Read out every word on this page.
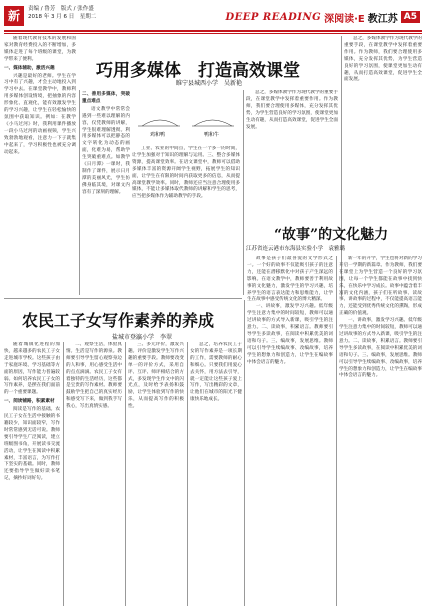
新	责编 / 鲁芳　版式 / 张作盛
2018 年 3 月 6 日　星期二	DEEP READING 深阅读·E 教江苏 A5
巧用多媒体　打造高效课堂
睢宁县城西小学　吴新艳

随着现代教育技术的发展和国家对教育经费投入的不断增加，多媒体走进了每个班级的课堂，为教学带来了便利。

一、媒体辅助，激活兴趣

兴趣是最好的老师。学生在学习中有了兴趣，才会主动地投入到学习中去。在课堂教学中，教师利用多媒体创设情境，把抽象的内容形象化、直观化，能有效激发学生的学习兴趣，让学生在轻松愉快的氛围中获取知识。例如：在教学《小马过河》时，我利用课件播放一段小马过河的动画视频，学生兴致勃勃地观看，注意力一下子就集中起来了，学习积极性也被充分调动起来。

二、善用多媒体，突破重点难点

语文教学中常常会遇到一些难以理解的内容，仅凭教师的讲解，学生很难理解透彻。利用多媒体可以把静态的文字转化为动态的画面，化难为易，帮助学生突破重难点。如教学《日月潭》一课时，我制作了课件，展示日月潭的美丽风光，学生仿佛身临其境，对课文内容有了深刻的理解。

鸡和鸭	鸭和牛

工业、农业的中间点，学生在一个多一的时间，让学生加强对于知识的理解与运用。三、整合多媒体资源，提高课堂效率。在语文课堂中，教师可以借助多媒体丰富的资源开阔学生视野，拓展学生的知识面，让学生在有限的时间内获取更多的信息，从而提高课堂教学效率。同时，教师还应当注意合理使用多媒体，不能让多媒体取代教师的讲解和学生的思考，应当把多媒体作为辅助教学的手段。

总之，多媒体教学作为现代教学的重要手段，在课堂教学中发挥着重要作用。作为教师，我们要合理使用多媒体，充分发挥其优势，为学生营造良好的学习氛围，使课堂更加生动有趣，从而打造高效课堂，促进学生全面发展。

总之，多媒体教学作为现代教学的重要手段，在课堂教学中发挥着重要作用。作为教师，我们要合理使用多媒体，充分发挥其优势，为学生营造良好的学习氛围，使课堂更加生动有趣，从而打造高效课堂，促进学生全面发展。

“故事”的文化魅力
江苏省连云港市东海县实验小学　袁雅璐
农民工子女写作素养的养成
盐城市登瀛小学　李翠

随着城镇化进程的加快，越来越多的农民工子女走进城市学校。这些孩子由于家庭环境、学习基础等方面的原因，写作能力普遍较弱。如何培养农民工子女的写作素养，是摆在我们面前的一个重要课题。

一、阅读铺路，积累素材

阅读是写作的基础。农民工子女在生活中接触的书籍较少，知识面较窄，写作时常常感到无话可说。教师要引导学生广泛阅读，建立班级图书角，开展读书交流活动，让学生在阅读中积累素材，丰富语言，为写作打下坚实的基础。同时，教师还要指导学生做好读书笔记，摘抄好词好句。

二、观察生活，体验真情。生活是写作的源泉。教师要引导学生留心观察身边的人和事，用心感受生活中的点点滴滴。农民工子女有着独特的生活经历，这些都是宝贵的写作素材。教师要鼓励学生把自己的真实经历和感受写下来，做到我手写我心，写出真情实感。

三、多元评价，激发兴趣。评价是激发学生写作兴趣的重要手段。教师要改变单一的评价方式，采用自评、互评、师评相结合的方式，多发现学生作文中的闪光点，及时给予表扬和鼓励，让学生体验到写作的快乐，从而提高写作的积极性。

总之，培养农民工子女的写作素养是一项长期的工作，需要教师的耐心和细心。只要我们用爱心去关怀，用方法去引导，就一定能让这些孩子爱上写作，写出精彩的文章，让他们在城市的阳光下健康快乐地成长。

故事是孩子们最喜爱的文学形式之一。一个好的故事不仅能吸引孩子的注意力，还能在潜移默化中对孩子产生深远的影响。在语文教学中，教师要善于利用故事的文化魅力，激发学生的学习兴趣，培养学生的语言表达能力和思维能力，让学生在故事中感受传统文化的博大精深。

一、讲故事，激发学习兴趣。低年级学生注意力集中的时间较短，教师可以通过讲故事的方式导入新课，吸引学生的注意力。二、读故事，积累语言。教师要引导学生多读故事，在阅读中积累优美的词语和句子。三、编故事，发展思维。教师可以引导学生续编故事、改编故事，培养学生的想象力和创造力，让学生在编故事中体会语言的魅力。

新一年的开学，学生也将对新的学习开启一学期的新篇章。作为教师，我们要在课堂上为学生营造一个良好的学习氛围，让每一个学生都能在故事中找到快乐，在快乐中学习成长。故事中蕴含着丰富的文化内涵，孩子们在听故事、读故事、讲故事的过程中，不仅能提高语言能力，还能受到优秀传统文化的熏陶，形成正确的价值观。

一、讲故事，激发学习兴趣。低年级学生注意力集中的时间较短，教师可以通过讲故事的方式导入新课，吸引学生的注意力。二、读故事，积累语言。教师要引导学生多读故事，在阅读中积累优美的词语和句子。三、编故事，发展思维。教师可以引导学生续编故事、改编故事，培养学生的想象力和创造力，让学生在编故事中体会语言的魅力。
